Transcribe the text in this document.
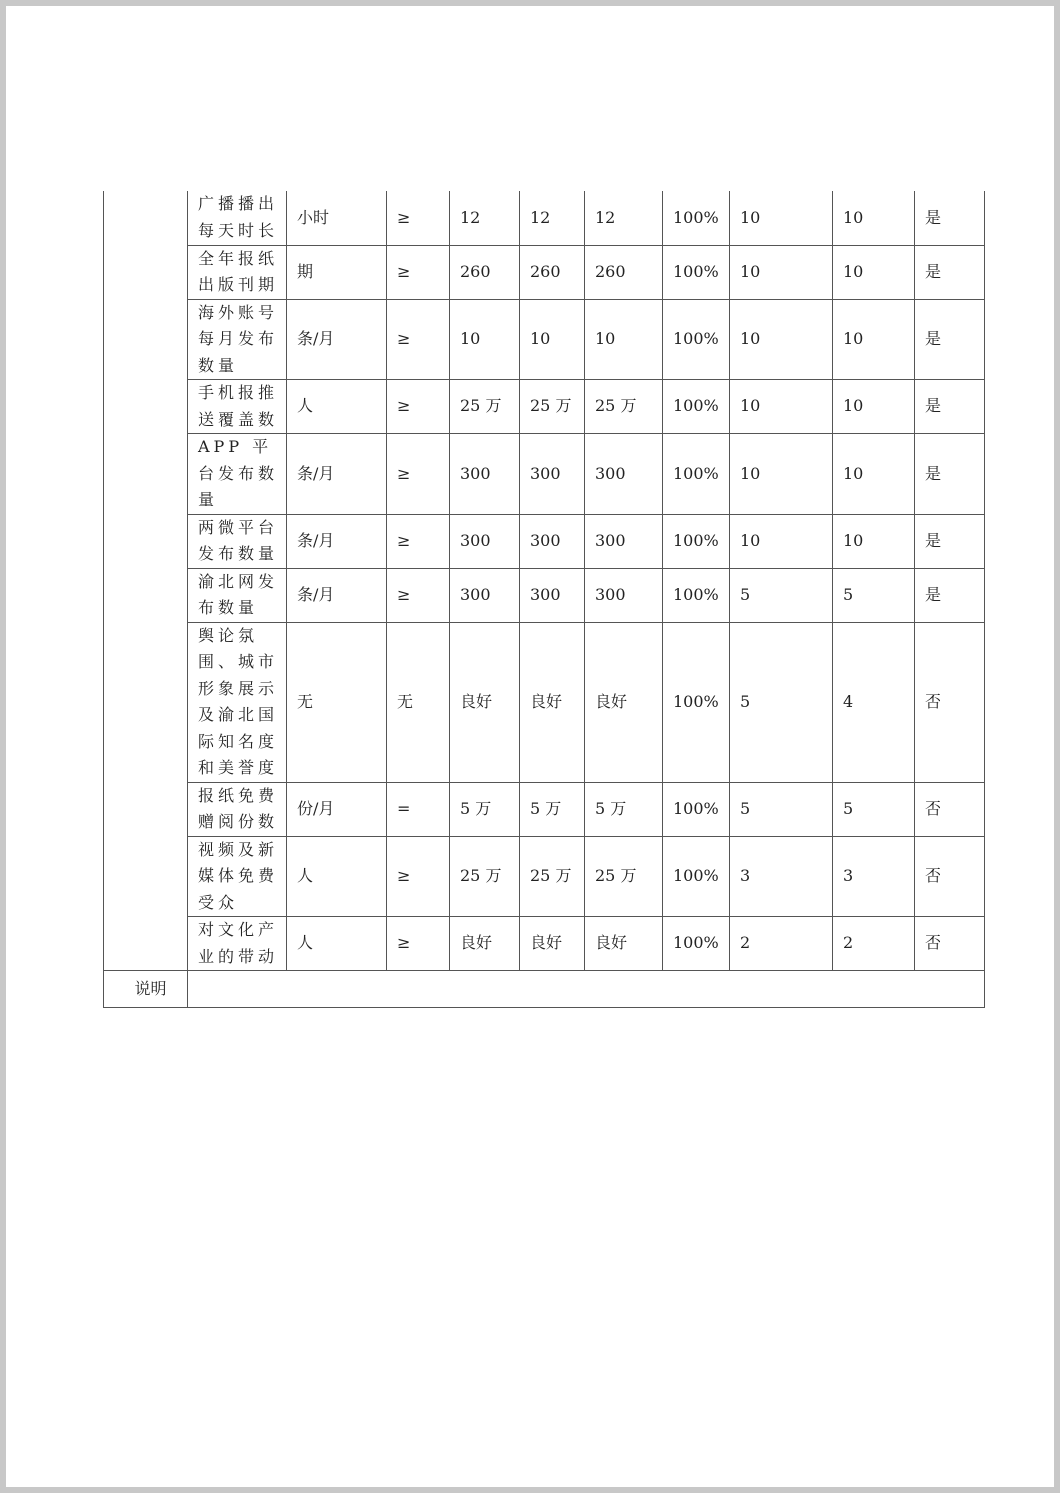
	广播播出每天时长	小时	≥	12	12	12	100%	10	10	是
	全年报纸出版刊期	期	≥	260	260	260	100%	10	10	是
	海外账号每月发布数量	条/月	≥	10	10	10	100%	10	10	是
	手机报推送覆盖数	人	≥	25 万	25 万	25 万	100%	10	10	是
	APP 平台发布数量	条/月	≥	300	300	300	100%	10	10	是
	两微平台发布数量	条/月	≥	300	300	300	100%	10	10	是
	渝北网发布数量	条/月	≥	300	300	300	100%	5	5	是
	舆论氛围、城市形象展示及渝北国际知名度和美誉度	无	无	良好	良好	良好	100%	5	4	否
	报纸免费赠阅份数	份/月	=	5 万	5 万	5 万	100%	5	5	否
	视频及新媒体免费受众	人	≥	25 万	25 万	25 万	100%	3	3	否
	对文化产业的带动	人	≥	良好	良好	良好	100%	2	2	否
说明										
